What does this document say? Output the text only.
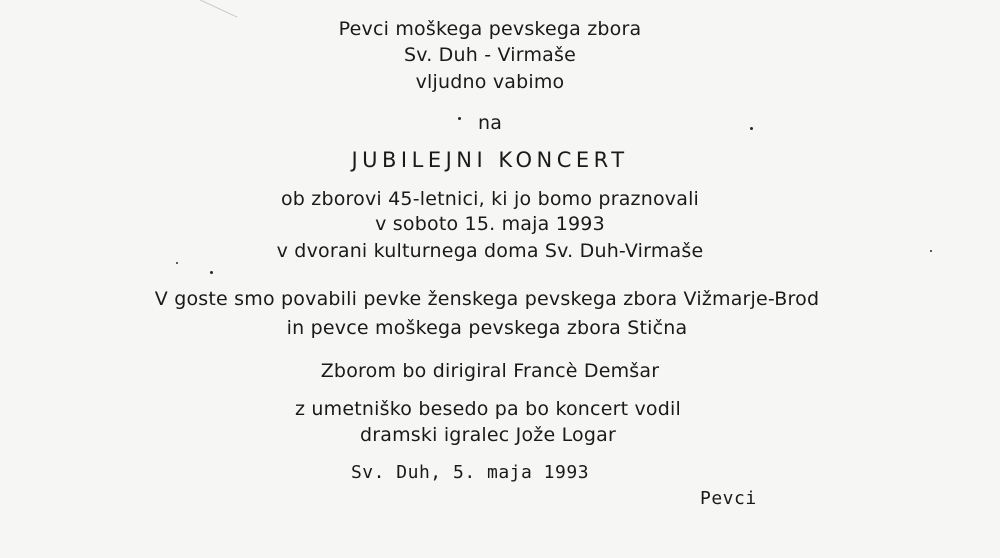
Pevci moškega pevskega zbora
Sv. Duh - Virmaše
vljudno vabimo
na
JUBILEJNI KONCERT
ob zborovi 45-letnici, ki jo bomo praznovali
v soboto 15. maja 1993
v dvorani kulturnega doma Sv. Duh-Virmaše
V goste smo povabili pevke ženskega pevskega zbora Vižmarje-Brod
in pevce moškega pevskega zbora Stična
Zborom bo dirigiral Francè Demšar
z umetniško besedo pa bo koncert vodil
dramski igralec Jože Logar
Sv. Duh, 5. maja 1993
Pevci
